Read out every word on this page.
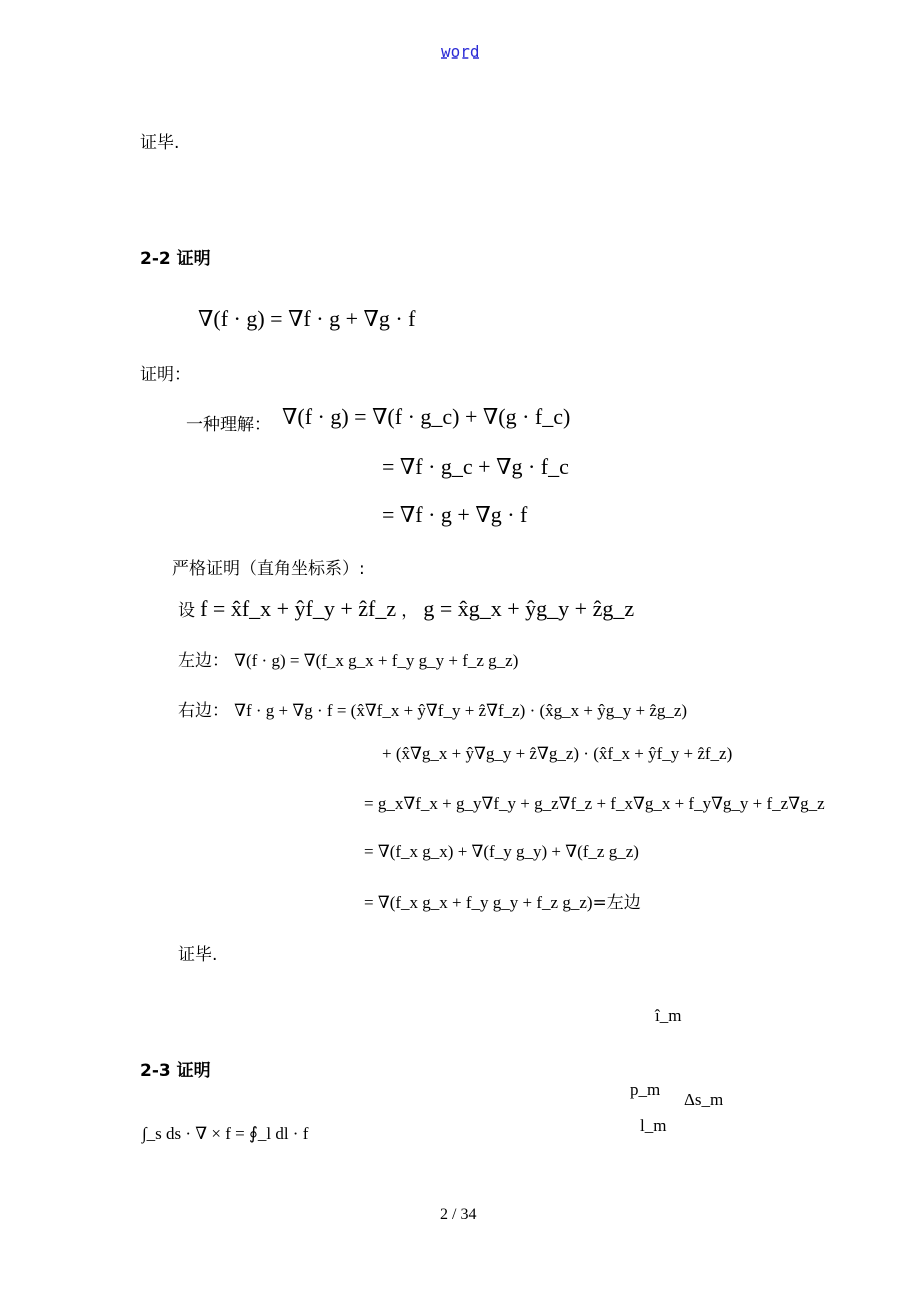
word
证毕.
2-2 证明
∇(f · g) = ∇f · g + ∇g · f
证明：
一种理解： ∇(f · g) = ∇(f · g_c) + ∇(g · f_c)
= ∇f · g_c + ∇g · f_c
= ∇f · g + ∇g · f
严格证明（直角坐标系）:
设 f = x̂f_x + ŷf_y + ẑf_z ， g = x̂g_x + ŷg_y + ẑg_z
左边： ∇(f · g) = ∇(f_x g_x + f_y g_y + f_z g_z)
右边： ∇f · g + ∇g · f = (x̂∇f_x + ŷ∇f_y + ẑ∇f_z) · (x̂g_x + ŷg_y + ẑg_z)
+ (x̂∇g_x + ŷ∇g_y + ẑ∇g_z) · (x̂f_x + ŷf_y + ẑf_z)
= g_x∇f_x + g_y∇f_y + g_z∇f_z + f_x∇g_x + f_y∇g_y + f_z∇g_z
= ∇(f_x g_x) + ∇(f_y g_y) + ∇(f_z g_z)
= ∇(f_x g_x + f_y g_y + f_z g_z)=左边
证毕.
2-3 证明
∫_s ds · ∇ × f = ∮_l dl · f
î_m
p_m
Δs_m
l_m
2 / 34
